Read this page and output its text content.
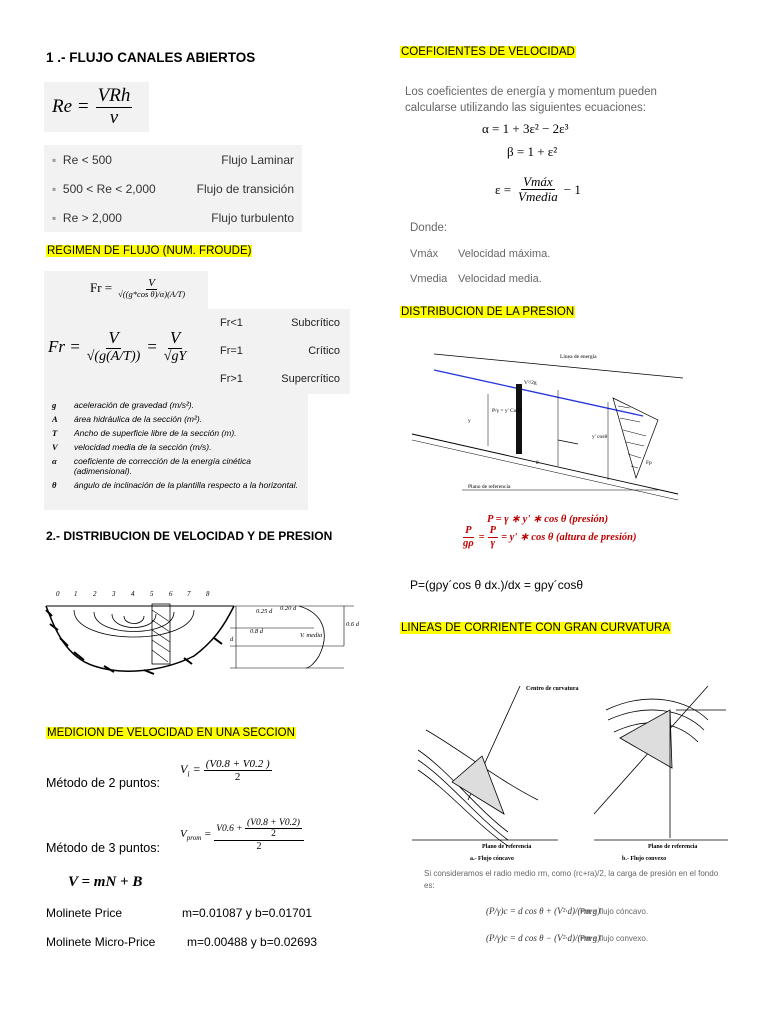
1 .- FLUJO CANALES ABIERTOS
$Re = \frac{\text{VRh}}{\nu}$
▪  Re < 500	Flujo Laminar
▪  500 < Re < 2,000	Flujo de transición
▪  Re > 2,000	Flujo turbulento
REGIMEN DE FLUJO (NUM. FROUDE)
$Fr = \frac{V}{\text{√((g*cos θ)/α)(A/T)}}$
$Fr = \frac{V}{√(g(A/T))} = \frac{V}{√gY}$
Fr<1	Subcrítico
Fr=1	Crítico
Fr>1	Supercrítico
g	aceleración de gravedad (m/s²).
A	área hidráulica de la sección (m²).
T	Ancho de superficie libre de la sección (m).
V	velocidad media de la sección (m/s).
α	coeficiente de corrección de la energía cinética (adimensional).
θ	ángulo de inclinación de la plantilla respecto a la horizontal.
2.- DISTRIBUCION DE VELOCIDAD Y DE PRESION
0 1 2 3 4 5 6 7 8
0.25 d 0.20 d
0.8 d
d
V. media
0.6 d
MEDICION DE VELOCIDAD EN UNA SECCION
Método de 2 puntos:
$V_i = \frac{(V0.8 + V0.2 )}{2}$
Método de 3 puntos:
$V_{prom} = V0.6$ +
$\frac{(V0.8 + V0.2)}{2}$
2
V = mN + B
Molinete Price	m=0.01087 y b=0.01701
Molinete Micro-Price	m=0.00488 y b=0.02693
COEFICIENTES DE VELOCIDAD
Los coeficientes de energía y momentum pueden calcularse utilizando las siguientes ecuaciones:
α = 1 + 3ε² − 2ε³
β = 1 + ε²
$\varepsilon = \frac{\text{Vmáx}}{\text{Vmedia}} - 1$
Donde:
Vmáx Velocidad máxima.
Vmedia Velocidad media.
DISTRIBUCION DE LA PRESION
Línea de energía
V²/2g
P/γ = y' Cosθ
y
y' cosθ
θ	Fp
Plano de referencia
P = γ ∗ y' ∗ cos θ (presión)
$\frac{P}{g\rho} = \frac{P}{\gamma} = y'$ ∗ cos θ (altura de presión)
P=(gρy´cos θ dx.)/dx = gρy´cosθ
LINEAS DE CORRIENTE CON GRAN CURVATURA
Centro de curvatura
Plano de referencia	Plano de referencia
a.- Flujo cóncavo	b.- Flujo convexo
Si consideramos el radio medio rm, como (rc+ra)/2, la carga de presión en el fondo es:
(P/γ)c = d cos θ + (V²·d)/(rm·g)
Para flujo cóncavo.
(P/γ)c = d cos θ − (V²·d)/(rm·g)
Para flujo convexo.
